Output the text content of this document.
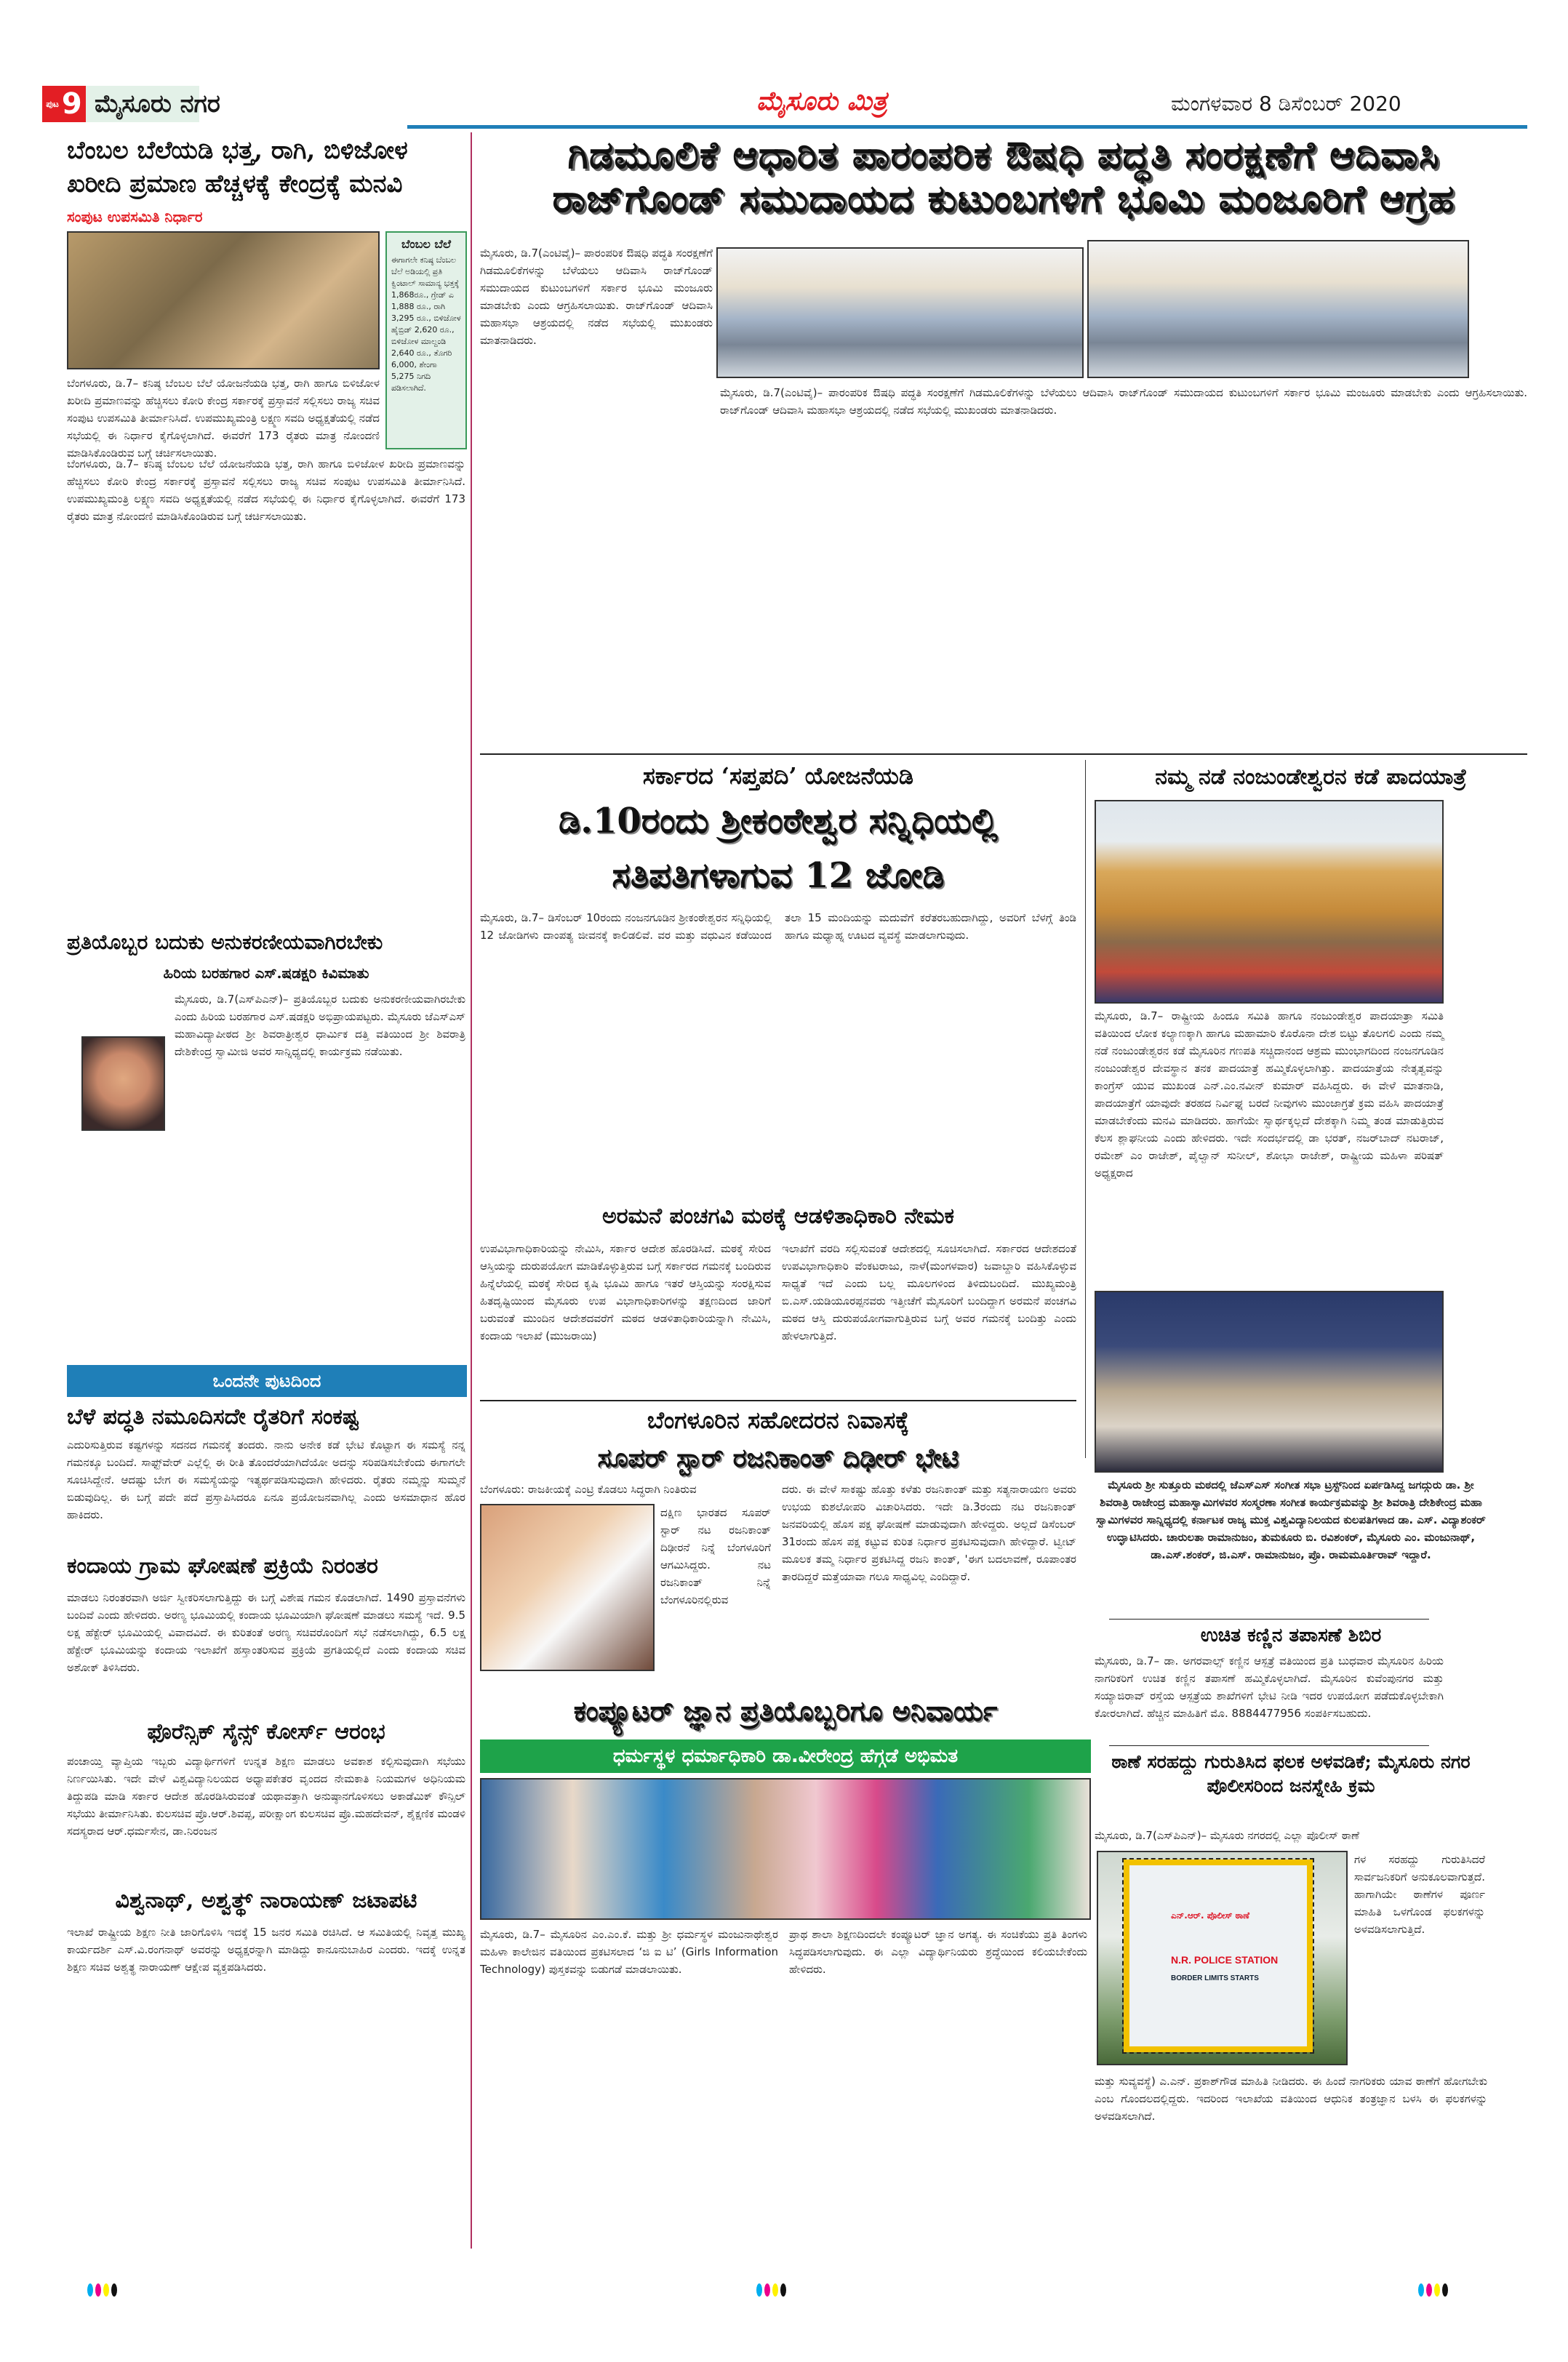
ಪುಟ 9 ಮೈಸೂರು ನಗರ	ಮೈಸೂರು ಮಿತ್ರ	ಮಂಗಳವಾರ 8 ಡಿಸೆಂಬರ್ 2020
ಬೆಂಬಲ ಬೆಲೆಯಡಿ ಭತ್ತ, ರಾಗಿ, ಬಿಳಿಜೋಳ ಖರೀದಿ ಪ್ರಮಾಣ ಹೆಚ್ಚಳಕ್ಕೆ ಕೇಂದ್ರಕ್ಕೆ ಮನವಿ
ಸಂಪುಟ ಉಪಸಮಿತಿ ನಿರ್ಧಾರ
ಬೆಂಬಲ ಬೆಲೆ
ಈಗಾಗಲೇ ಕನಿಷ್ಠ ಬೆಂಬಲ ಬೆಲೆ ಅಡಿಯಲ್ಲಿ ಪ್ರತಿ ಕ್ವಿಂಟಾಲ್ ಸಾಮಾನ್ಯ ಭತ್ತಕ್ಕೆ 1,868ರೂ., ಗ್ರೇಡ್ ಎ 1,888 ರೂ., ರಾಗಿ 3,295 ರೂ., ಬಿಳಿಜೋಳ ಹೈಬ್ರಿಡ್ 2,620 ರೂ., ಬಿಳಿಜೋಳ ಮಾಲ್ದಂಡಿ 2,640 ರೂ., ತೊಗರಿ 6,000, ಶೇಂಗಾ 5,275 ನಿಗದಿ ಪಡಿಸಲಾಗಿದೆ.
ಬೆಂಗಳೂರು, ಡಿ.7– ಕನಿಷ್ಠ ಬೆಂಬಲ ಬೆಲೆ ಯೋಜನೆಯಡಿ ಭತ್ತ, ರಾಗಿ ಹಾಗೂ ಬಿಳಿಜೋಳ ಖರೀದಿ ಪ್ರಮಾಣವನ್ನು ಹೆಚ್ಚಿಸಲು ಕೋರಿ ಕೇಂದ್ರ ಸರ್ಕಾರಕ್ಕೆ ಪ್ರಸ್ತಾವನೆ ಸಲ್ಲಿಸಲು ರಾಜ್ಯ ಸಚಿವ ಸಂಪುಟ ಉಪಸಮಿತಿ ತೀರ್ಮಾನಿಸಿದೆ. ಉಪಮುಖ್ಯಮಂತ್ರಿ ಲಕ್ಷ್ಮಣ ಸವದಿ ಅಧ್ಯಕ್ಷತೆಯಲ್ಲಿ ನಡೆದ ಸಭೆಯಲ್ಲಿ ಈ ನಿರ್ಧಾರ ಕೈಗೊಳ್ಳಲಾಗಿದೆ. ಈವರೆಗೆ 173 ರೈತರು ಮಾತ್ರ ನೋಂದಣಿ ಮಾಡಿಸಿಕೊಂಡಿರುವ ಬಗ್ಗೆ ಚರ್ಚಿಸಲಾಯಿತು.
ಬೆಂಗಳೂರು, ಡಿ.7– ಕನಿಷ್ಠ ಬೆಂಬಲ ಬೆಲೆ ಯೋಜನೆಯಡಿ ಭತ್ತ, ರಾಗಿ ಹಾಗೂ ಬಿಳಿಜೋಳ ಖರೀದಿ ಪ್ರಮಾಣವನ್ನು ಹೆಚ್ಚಿಸಲು ಕೋರಿ ಕೇಂದ್ರ ಸರ್ಕಾರಕ್ಕೆ ಪ್ರಸ್ತಾವನೆ ಸಲ್ಲಿಸಲು ರಾಜ್ಯ ಸಚಿವ ಸಂಪುಟ ಉಪಸಮಿತಿ ತೀರ್ಮಾನಿಸಿದೆ. ಉಪಮುಖ್ಯಮಂತ್ರಿ ಲಕ್ಷ್ಮಣ ಸವದಿ ಅಧ್ಯಕ್ಷತೆಯಲ್ಲಿ ನಡೆದ ಸಭೆಯಲ್ಲಿ ಈ ನಿರ್ಧಾರ ಕೈಗೊಳ್ಳಲಾಗಿದೆ. ಈವರೆಗೆ 173 ರೈತರು ಮಾತ್ರ ನೋಂದಣಿ ಮಾಡಿಸಿಕೊಂಡಿರುವ ಬಗ್ಗೆ ಚರ್ಚಿಸಲಾಯಿತು.
ಪ್ರತಿಯೊಬ್ಬರ ಬದುಕು ಅನುಕರಣೀಯವಾಗಿರಬೇಕು
ಹಿರಿಯ ಬರಹಗಾರ ಎಸ್.ಷಡಕ್ಷರಿ ಕಿವಿಮಾತು
ಮೈಸೂರು, ಡಿ.7(ಎಸ್‌ಪಿಎನ್)– ಪ್ರತಿಯೊಬ್ಬರ ಬದುಕು ಅನುಕರಣೀಯವಾಗಿರಬೇಕು ಎಂದು ಹಿರಿಯ ಬರಹಗಾರ ಎಸ್.ಷಡಕ್ಷರಿ ಅಭಿಪ್ರಾಯಪಟ್ಟರು. ಮೈಸೂರು ಜೆಎಸ್‌ಎಸ್ ಮಹಾವಿದ್ಯಾಪೀಠದ ಶ್ರೀ ಶಿವರಾತ್ರೀಶ್ವರ ಧಾರ್ಮಿಕ ದತ್ತಿ ವತಿಯಿಂದ ಶ್ರೀ ಶಿವರಾತ್ರಿ ದೇಶಿಕೇಂದ್ರ ಸ್ವಾಮೀಜಿ ಅವರ ಸಾನ್ನಿಧ್ಯದಲ್ಲಿ ಕಾರ್ಯಕ್ರಮ ನಡೆಯಿತು.
ಒಂದನೇ ಪುಟದಿಂದ
ಬೆಳೆ ಪದ್ಧತಿ ನಮೂದಿಸದೇ ರೈತರಿಗೆ ಸಂಕಷ್ಟ
ಎದುರಿಸುತ್ತಿರುವ ಕಷ್ಟಗಳನ್ನು ಸದನದ ಗಮನಕ್ಕೆ ತಂದರು. ನಾನು ಅನೇಕ ಕಡೆ ಭೇಟಿ ಕೊಟ್ಟಾಗ ಈ ಸಮಸ್ಯೆ ನನ್ನ ಗಮನಕ್ಕೂ ಬಂದಿದೆ. ಸಾಫ್ಟ್‌ವೇರ್ ಎಲ್ಲೆಲ್ಲಿ ಈ ರೀತಿ ತೊಂದರೆಯಾಗಿದೆಯೋ ಅದನ್ನು ಸರಿಪಡಿಸಬೇಕೆಂದು ಈಗಾಗಲೇ ಸೂಚಿಸಿದ್ದೇನೆ. ಆದಷ್ಟು ಬೇಗ ಈ ಸಮಸ್ಯೆಯನ್ನು ಇತ್ಯರ್ಥಪಡಿಸುವುದಾಗಿ ಹೇಳಿದರು. ರೈತರು ನಮ್ಮನ್ನು ಸುಮ್ಮನೆ ಬಿಡುವುದಿಲ್ಲ. ಈ ಬಗ್ಗೆ ಪದೇ ಪದೆ ಪ್ರಸ್ತಾಪಿಸಿದರೂ ಏನೂ ಪ್ರಯೋಜನವಾಗಿಲ್ಲ ಎಂದು ಅಸಮಾಧಾನ ಹೊರ ಹಾಕಿದರು.
ಕಂದಾಯ ಗ್ರಾಮ ಘೋಷಣೆ ಪ್ರಕ್ರಿಯೆ ನಿರಂತರ
ಮಾಡಲು ನಿರಂತರವಾಗಿ ಅರ್ಜಿ ಸ್ವೀಕರಿಸಲಾಗುತ್ತಿದ್ದು ಈ ಬಗ್ಗೆ ವಿಶೇಷ ಗಮನ ಕೊಡಲಾಗಿದೆ. 1490 ಪ್ರಸ್ತಾವನೆಗಳು ಬಂದಿವೆ ಎಂದು ಹೇಳಿದರು. ಅರಣ್ಯ ಭೂಮಿಯಲ್ಲಿ ಕಂದಾಯ ಭೂಮಿಯಾಗಿ ಘೋಷಣೆ ಮಾಡಲು ಸಮಸ್ಯೆ ಇದೆ. 9.5 ಲಕ್ಷ ಹೆಕ್ಟೇರ್ ಭೂಮಿಯಲ್ಲಿ ವಿವಾದವಿದೆ. ಈ ಕುರಿತಂತೆ ಅರಣ್ಯ ಸಚಿವರೊಂದಿಗೆ ಸಭೆ ನಡೆಸಲಾಗಿದ್ದು, 6.5 ಲಕ್ಷ ಹೆಕ್ಟೇರ್ ಭೂಮಿಯನ್ನು ಕಂದಾಯ ಇಲಾಖೆಗೆ ಹಸ್ತಾಂತರಿಸುವ ಪ್ರಕ್ರಿಯೆ ಪ್ರಗತಿಯಲ್ಲಿದೆ ಎಂದು ಕಂದಾಯ ಸಚಿವ ಅಶೋಕ್ ತಿಳಿಸಿದರು.
ಫೊರೆನ್ಸಿಕ್ ಸೈನ್ಸ್ ಕೋರ್ಸ್ ಆರಂಭ
ಪಂಚಾಯ್ತಿ ವ್ಯಾಪ್ತಿಯ ಇಬ್ಬರು ವಿದ್ಯಾರ್ಥಿಗಳಿಗೆ ಉನ್ನತ ಶಿಕ್ಷಣ ಮಾಡಲು ಅವಕಾಶ ಕಲ್ಪಿಸುವುದಾಗಿ ಸಭೆಯು ನಿರ್ಣಯಿಸಿತು. ಇದೇ ವೇಳೆ ವಿಶ್ವವಿದ್ಯಾನಿಲಯದ ಅಧ್ಯಾಪಕೇತರ ವೃಂದದ ನೇಮಕಾತಿ ನಿಯಮಗಳ ಅಧಿನಿಯಮ ತಿದ್ದುಪಡಿ ಮಾಡಿ ಸರ್ಕಾರ ಆದೇಶ ಹೊರಡಿಸಿರುವಂತೆ ಯಥಾವತ್ತಾಗಿ ಅನುಷ್ಠಾನಗೊಳಿಸಲು ಅಕಾಡೆಮಿಕ್ ಕೌನ್ಸಿಲ್ ಸಭೆಯು ತೀರ್ಮಾನಿಸಿತು. ಕುಲಸಚಿವ ಪ್ರೊ.ಆರ್.ಶಿವಪ್ಪ, ಪರೀಕ್ಷಾಂಗ ಕುಲಸಚಿವ ಪ್ರೊ.ಮಹದೇವನ್, ಶೈಕ್ಷಣಿಕ ಮಂಡಳಿ ಸದಸ್ಯರಾದ ಆರ್.ಧರ್ಮಸೇನ, ಡಾ.ನಿರಂಜನ
ವಿಶ್ವನಾಥ್, ಅಶ್ವತ್ಥ್ ನಾರಾಯಣ್ ಜಟಾಪಟಿ
ಇಲಾಖೆ ರಾಷ್ಟ್ರೀಯ ಶಿಕ್ಷಣ ನೀತಿ ಜಾರಿಗೊಳಿಸಿ ಇದಕ್ಕೆ 15 ಜನರ ಸಮಿತಿ ರಚಿಸಿದೆ. ಆ ಸಮಿತಿಯಲ್ಲಿ ನಿವೃತ್ತ ಮುಖ್ಯ ಕಾರ್ಯದರ್ಶಿ ಎಸ್.ವಿ.ರಂಗನಾಥ್ ಅವರನ್ನು ಅಧ್ಯಕ್ಷರನ್ನಾಗಿ ಮಾಡಿದ್ದು ಕಾನೂನುಬಾಹಿರ ಎಂದರು. ಇದಕ್ಕೆ ಉನ್ನತ ಶಿಕ್ಷಣ ಸಚಿವ ಅಶ್ವತ್ಥ ನಾರಾಯಣ್ ಆಕ್ಷೇಪ ವ್ಯಕ್ತಪಡಿಸಿದರು.
ಗಿಡಮೂಲಿಕೆ ಆಧಾರಿತ ಪಾರಂಪರಿಕ ಔಷಧಿ ಪದ್ಧತಿ ಸಂರಕ್ಷಣೆಗೆ ಆದಿವಾಸಿ ರಾಜ್‌ಗೊಂಡ್ ಸಮುದಾಯದ ಕುಟುಂಬಗಳಿಗೆ ಭೂಮಿ ಮಂಜೂರಿಗೆ ಆಗ್ರಹ
ಮೈಸೂರು, ಡಿ.7(ಎಂಟಿವೈ)– ಪಾರಂಪರಿಕ ಔಷಧಿ ಪದ್ಧತಿ ಸಂರಕ್ಷಣೆಗೆ ಗಿಡಮೂಲಿಕೆಗಳನ್ನು ಬೆಳೆಯಲು ಆದಿವಾಸಿ ರಾಜ್‌ಗೊಂಡ್ ಸಮುದಾಯದ ಕುಟುಂಬಗಳಿಗೆ ಸರ್ಕಾರ ಭೂಮಿ ಮಂಜೂರು ಮಾಡಬೇಕು ಎಂದು ಆಗ್ರಹಿಸಲಾಯಿತು. ರಾಜ್‌ಗೊಂಡ್ ಆದಿವಾಸಿ ಮಹಾಸಭಾ ಆಶ್ರಯದಲ್ಲಿ ನಡೆದ ಸಭೆಯಲ್ಲಿ ಮುಖಂಡರು ಮಾತನಾಡಿದರು.
ಮೈಸೂರು, ಡಿ.7(ಎಂಟಿವೈ)– ಪಾರಂಪರಿಕ ಔಷಧಿ ಪದ್ಧತಿ ಸಂರಕ್ಷಣೆಗೆ ಗಿಡಮೂಲಿಕೆಗಳನ್ನು ಬೆಳೆಯಲು ಆದಿವಾಸಿ ರಾಜ್‌ಗೊಂಡ್ ಸಮುದಾಯದ ಕುಟುಂಬಗಳಿಗೆ ಸರ್ಕಾರ ಭೂಮಿ ಮಂಜೂರು ಮಾಡಬೇಕು ಎಂದು ಆಗ್ರಹಿಸಲಾಯಿತು. ರಾಜ್‌ಗೊಂಡ್ ಆದಿವಾಸಿ ಮಹಾಸಭಾ ಆಶ್ರಯದಲ್ಲಿ ನಡೆದ ಸಭೆಯಲ್ಲಿ ಮುಖಂಡರು ಮಾತನಾಡಿದರು.
ಸರ್ಕಾರದ ‘ಸಪ್ತಪದಿ’ ಯೋಜನೆಯಡಿ
ಡಿ.10ರಂದು ಶ್ರೀಕಂಠೇಶ್ವರ ಸನ್ನಿಧಿಯಲ್ಲಿ ಸತಿಪತಿಗಳಾಗುವ 12 ಜೋಡಿ
ಮೈಸೂರು, ಡಿ.7– ಡಿಸೆಂಬರ್ 10ರಂದು ನಂಜನಗೂಡಿನ ಶ್ರೀಕಂಠೇಶ್ವರನ ಸನ್ನಿಧಿಯಲ್ಲಿ 12 ಜೋಡಿಗಳು ದಾಂಪತ್ಯ ಜೀವನಕ್ಕೆ ಕಾಲಿಡಲಿವೆ. ವರ ಮತ್ತು ವಧುವಿನ ಕಡೆಯಿಂದ ತಲಾ 15 ಮಂದಿಯನ್ನು ಮದುವೆಗೆ ಕರೆತರಬಹುದಾಗಿದ್ದು, ಅವರಿಗೆ ಬೆಳಗ್ಗೆ ತಿಂಡಿ ಹಾಗೂ ಮಧ್ಯಾಹ್ನ ಊಟದ ವ್ಯವಸ್ಥೆ ಮಾಡಲಾಗುವುದು.
ನಮ್ಮ ನಡೆ ನಂಜುಂಡೇಶ್ವರನ ಕಡೆ ಪಾದಯಾತ್ರೆ
ಮೈಸೂರು, ಡಿ.7– ರಾಷ್ಟ್ರೀಯ ಹಿಂದೂ ಸಮಿತಿ ಹಾಗೂ ನಂಜುಂಡೇಶ್ವರ ಪಾದಯಾತ್ರಾ ಸಮಿತಿ ವತಿಯಿಂದ ಲೋಕ ಕಲ್ಯಾಣಕ್ಕಾಗಿ ಹಾಗೂ ಮಹಾಮಾರಿ ಕೊರೊನಾ ದೇಶ ಬಿಟ್ಟು ತೊಲಗಲಿ ಎಂದು ನಮ್ಮ ನಡೆ ನಂಜುಂಡೇಶ್ವರನ ಕಡೆ ಮೈಸೂರಿನ ಗಣಪತಿ ಸಚ್ಚಿದಾನಂದ ಆಶ್ರಮ ಮುಂಭಾಗದಿಂದ ನಂಜನಗೂಡಿನ ನಂಜುಂಡೇಶ್ವರ ದೇವಸ್ಥಾನ ತನಕ ಪಾದಯಾತ್ರೆ ಹಮ್ಮಿಕೊಳ್ಳಲಾಗಿತ್ತು. ಪಾದಯಾತ್ರೆಯ ನೇತೃತ್ವವನ್ನು ಕಾಂಗ್ರೆಸ್ ಯುವ ಮುಖಂಡ ಎನ್.ಎಂ.ನವೀನ್ ಕುಮಾರ್ ವಹಿಸಿದ್ದರು. ಈ ವೇಳೆ ಮಾತನಾಡಿ, ಪಾದಯಾತ್ರೆಗೆ ಯಾವುದೇ ತರಹದ ನಿರ್ವಿಘ್ನ ಬರದೆ ನೀವುಗಳು ಮುಂಜಾಗ್ರತೆ ಕ್ರಮ ವಹಿಸಿ ಪಾದಯಾತ್ರೆ ಮಾಡಬೇಕೆಂದು ಮನವಿ ಮಾಡಿದರು. ಹಾಗೆಯೇ ಸ್ವಾರ್ಥಕ್ಕಲ್ಲದೆ ದೇಶಕ್ಕಾಗಿ ನಿಮ್ಮ ತಂಡ ಮಾಡುತ್ತಿರುವ ಕೆಲಸ ಶ್ಲಾಘನೀಯ ಎಂದು ಹೇಳಿದರು. ಇದೇ ಸಂದರ್ಭದಲ್ಲಿ ಡಾ ಭರತ್, ನಜರ್‌ಬಾದ್ ನಟರಾಜ್, ರಮೇಶ್ ಎಂ ರಾಜೇಶ್, ಪೈಲ್ವಾನ್ ಸುನೀಲ್, ಶೋಭಾ ರಾಜೇಶ್, ರಾಷ್ಟ್ರೀಯ ಮಹಿಳಾ ಪರಿಷತ್ ಅಧ್ಯಕ್ಷರಾದ
ಅರಮನೆ ಪಂಚಗವಿ ಮಠಕ್ಕೆ ಆಡಳಿತಾಧಿಕಾರಿ ನೇಮಕ
ಉಪವಿಭಾಗಾಧಿಕಾರಿಯನ್ನು ನೇಮಿಸಿ, ಸರ್ಕಾರ ಆದೇಶ ಹೊರಡಿಸಿದೆ. ಮಠಕ್ಕೆ ಸೇರಿದ ಆಸ್ತಿಯನ್ನು ದುರುಪಯೋಗ ಮಾಡಿಕೊಳ್ಳುತ್ತಿರುವ ಬಗ್ಗೆ ಸರ್ಕಾರದ ಗಮನಕ್ಕೆ ಬಂದಿರುವ ಹಿನ್ನೆಲೆಯಲ್ಲಿ ಮಠಕ್ಕೆ ಸೇರಿದ ಕೃಷಿ ಭೂಮಿ ಹಾಗೂ ಇತರೆ ಆಸ್ತಿಯನ್ನು ಸಂರಕ್ಷಿಸುವ ಹಿತದೃಷ್ಟಿಯಿಂದ ಮೈಸೂರು ಉಪ ವಿಭಾಗಾಧಿಕಾರಿಗಳನ್ನು ತಕ್ಷಣದಿಂದ ಜಾರಿಗೆ ಬರುವಂತೆ ಮುಂದಿನ ಆದೇಶದವರೆಗೆ ಮಠದ ಆಡಳಿತಾಧಿಕಾರಿಯನ್ನಾಗಿ ನೇಮಿಸಿ, ಕಂದಾಯ ಇಲಾಖೆ (ಮುಜರಾಯಿ)
ಇಲಾಖೆಗೆ ವರದಿ ಸಲ್ಲಿಸುವಂತೆ ಆದೇಶದಲ್ಲಿ ಸೂಚಿಸಲಾಗಿದೆ. ಸರ್ಕಾರದ ಆದೇಶದಂತೆ ಉಪವಿಭಾಗಾಧಿಕಾರಿ ವೆಂಕಟರಾಜು, ನಾಳೆ(ಮಂಗಳವಾರ) ಜವಾಬ್ದಾರಿ ವಹಿಸಿಕೊಳ್ಳುವ ಸಾಧ್ಯತೆ ಇದೆ ಎಂದು ಬಲ್ಲ ಮೂಲಗಳಿಂದ ತಿಳಿದುಬಂದಿದೆ. ಮುಖ್ಯಮಂತ್ರಿ ಬಿ.ಎಸ್.ಯಡಿಯೂರಪ್ಪನವರು ಇತ್ತೀಚೆಗೆ ಮೈಸೂರಿಗೆ ಬಂದಿದ್ದಾಗ ಅರಮನೆ ಪಂಚಗವಿ ಮಠದ ಆಸ್ತಿ ದುರುಪಯೋಗವಾಗುತ್ತಿರುವ ಬಗ್ಗೆ ಅವರ ಗಮನಕ್ಕೆ ಬಂದಿತ್ತು ಎಂದು ಹೇಳಲಾಗುತ್ತಿದೆ.
ಬೆಂಗಳೂರಿನ ಸಹೋದರನ ನಿವಾಸಕ್ಕೆ
ಸೂಪರ್ ಸ್ಟಾರ್ ರಜನಿಕಾಂತ್ ದಿಢೀರ್ ಭೇಟಿ
ಬೆಂಗಳೂರು: ರಾಜಕೀಯಕ್ಕೆ ಎಂಟ್ರಿ ಕೊಡಲು ಸಿದ್ಧರಾಗಿ ನಿಂತಿರುವ
ದಕ್ಷಿಣ ಭಾರತದ ಸೂಪರ್ ಸ್ಟಾರ್ ನಟ ರಜನಿಕಾಂತ್ ದಿಢೀರನೆ ನಿನ್ನೆ ಬೆಂಗಳೂರಿಗೆ ಆಗಮಿಸಿದ್ದರು. ನಟ ರಜನಿಕಾಂತ್ ನಿನ್ನೆ ಬೆಂಗಳೂರಿನಲ್ಲಿರುವ
ದರು. ಈ ವೇಳೆ ಸಾಕಷ್ಟು ಹೊತ್ತು ಕಳೆತು ರಜನಿಕಾಂತ್ ಮತ್ತು ಸತ್ಯನಾರಾಯಣ ಅವರು ಉಭಯ ಕುಶಲೋಪರಿ ವಿಚಾರಿಸಿದರು. ಇದೇ ಡಿ.3ರಂದು ನಟ ರಜನಿಕಾಂತ್ ಜನವರಿಯಲ್ಲಿ ಹೊಸ ಪಕ್ಷ ಘೋಷಣೆ ಮಾಡುವುದಾಗಿ ಹೇಳಿದ್ದರು. ಅಲ್ಲದೆ ಡಿಸೆಂಬರ್ 31ರಂದು ಹೊಸ ಪಕ್ಷ ಕಟ್ಟುವ ಕುರಿತ ನಿರ್ಧಾರ ಪ್ರಕಟಿಸುವುದಾಗಿ ಹೇಳಿದ್ದಾರೆ. ಟ್ವೀಟ್ ಮೂಲಕ ತಮ್ಮ ನಿರ್ಧಾರ ಪ್ರಕಟಿಸಿದ್ದ ರಜನಿ ಕಾಂತ್, 'ಈಗ ಬದಲಾವಣೆ, ರೂಪಾಂತರ ತಾರದಿದ್ದರೆ ಮತ್ತೆಯಾವಾ ಗಲೂ ಸಾಧ್ಯವಿಲ್ಲ ಎಂದಿದ್ದಾರೆ.
ಕಂಪ್ಯೂಟರ್ ಜ್ಞಾನ ಪ್ರತಿಯೊಬ್ಬರಿಗೂ ಅನಿವಾರ್ಯ
ಧರ್ಮಸ್ಥಳ ಧರ್ಮಾಧಿಕಾರಿ ಡಾ.ವೀರೇಂದ್ರ ಹೆಗ್ಗಡೆ ಅಭಿಮತ
ಮೈಸೂರು, ಡಿ.7– ಮೈಸೂರಿನ ಎಂ.ಎಂ.ಕೆ. ಮತ್ತು ಶ್ರೀ ಧರ್ಮಸ್ಥಳ ಮಂಜುನಾಥೇಶ್ವರ ಮಹಿಳಾ ಕಾಲೇಜಿನ ವತಿಯಿಂದ ಪ್ರಕಟಿಸಲಾದ ‘ಜಿ ಐ ಟಿ’ (Girls Information Technology) ಪುಸ್ತಕವನ್ನು ಬಿಡುಗಡೆ ಮಾಡಲಾಯಿತು.
ಪ್ರಾಥ ಶಾಲಾ ಶಿಕ್ಷಣದಿಂದಲೇ ಕಂಪ್ಯೂಟರ್ ಜ್ಞಾನ ಅಗತ್ಯ. ಈ ಸಂಚಿಕೆಯು ಪ್ರತಿ ತಿಂಗಳು ಸಿದ್ಧಪಡಿಸಲಾಗುವುದು. ಈ ಎಲ್ಲಾ ವಿದ್ಯಾರ್ಥಿನಿಯರು ಶ್ರದ್ಧೆಯಿಂದ ಕಲಿಯಬೇಕೆಂದು ಹೇಳಿದರು.
ಮೈಸೂರು ಶ್ರೀ ಸುತ್ತೂರು ಮಠದಲ್ಲಿ ಜೆಎಸ್‌ಎಸ್ ಸಂಗೀತ ಸಭಾ ಟ್ರಸ್ಟ್‌ನಿಂದ ಏರ್ಪಡಿಸಿದ್ದ ಜಗದ್ಗುರು ಡಾ. ಶ್ರೀ ಶಿವರಾತ್ರಿ ರಾಜೇಂದ್ರ ಮಹಾಸ್ವಾಮಿಗಳವರ ಸಂಸ್ಮರಣಾ ಸಂಗೀತ ಕಾರ್ಯಕ್ರಮವನ್ನು ಶ್ರೀ ಶಿವರಾತ್ರಿ ದೇಶಿಕೇಂದ್ರ ಮಹಾ ಸ್ವಾಮಿಗಳವರ ಸಾನ್ನಿಧ್ಯದಲ್ಲಿ ಕರ್ನಾಟಕ ರಾಜ್ಯ ಮುಕ್ತ ವಿಶ್ವವಿದ್ಯಾನಿಲಯದ ಕುಲಪತಿಗಳಾದ ಡಾ. ಎಸ್. ವಿದ್ಯಾಶಂಕರ್ ಉದ್ಘಾಟಿಸಿದರು. ಚಾರುಲತಾ ರಾಮಾನುಜಂ, ತುಮಕೂರು ಬಿ. ರವಿಶಂಕರ್, ಮೈಸೂರು ಎಂ. ಮಂಜುನಾಥ್, ಡಾ.ಎಸ್.ಶಂಕರ್, ಜಿ.ಎಸ್. ರಾಮಾನುಜಂ, ಪ್ರೊ. ರಾಮಮೂರ್ತಿರಾವ್ ಇದ್ದಾರೆ.
ಉಚಿತ ಕಣ್ಣಿನ ತಪಾಸಣೆ ಶಿಬಿರ
ಮೈಸೂರು, ಡಿ.7– ಡಾ. ಅಗರವಾಲ್ಸ್ ಕಣ್ಣಿನ ಆಸ್ಪತ್ರೆ ವತಿಯಿಂದ ಪ್ರತಿ ಬುಧವಾರ ಮೈಸೂರಿನ ಹಿರಿಯ ನಾಗರಿಕರಿಗೆ ಉಚಿತ ಕಣ್ಣಿನ ತಪಾಸಣೆ ಹಮ್ಮಿಕೊಳ್ಳಲಾಗಿದೆ. ಮೈಸೂರಿನ ಕುವೆಂಪುನಗರ ಮತ್ತು ಸಯ್ಯಾಜಿರಾವ್ ರಸ್ತೆಯ ಆಸ್ಪತ್ರೆಯ ಶಾಖೆಗಳಿಗೆ ಭೇಟಿ ನೀಡಿ ಇದರ ಉಪಯೋಗ ಪಡೆದುಕೊಳ್ಳಬೇಕಾಗಿ ಕೋರಲಾಗಿದೆ. ಹೆಚ್ಚಿನ ಮಾಹಿತಿಗೆ ಮೊ. 8884477956 ಸಂಪರ್ಕಿಸಬಹುದು.
ಠಾಣೆ ಸರಹದ್ದು ಗುರುತಿಸಿದ ಫಲಕ ಅಳವಡಿಕೆ; ಮೈಸೂರು ನಗರ ಪೊಲೀಸರಿಂದ ಜನಸ್ನೇಹಿ ಕ್ರಮ
ಮೈಸೂರು, ಡಿ.7(ಎಸ್‌ಪಿಎನ್)– ಮೈಸೂರು ನಗರದಲ್ಲಿ ಎಲ್ಲಾ ಪೊಲೀಸ್ ಠಾಣೆ
ಎನ್.ಆರ್. ಪೊಲೀಸ್ ಠಾಣೆ
N.R. POLICE STATION
BORDER LIMITS STARTS
ಗಳ ಸರಹದ್ದು ಗುರುತಿಸಿದರೆ ಸಾರ್ವಜನಿಕರಿಗೆ ಅನುಕೂಲವಾಗುತ್ತದೆ. ಹಾಗಾಗಿಯೇ ಠಾಣೆಗಳ ಪೂರ್ಣ ಮಾಹಿತಿ ಒಳಗೊಂಡ ಫಲಕಗಳನ್ನು ಅಳವಡಿಸಲಾಗುತ್ತಿದೆ.
ಮತ್ತು ಸುವ್ಯವಸ್ಥೆ) ಎ.ಎನ್. ಪ್ರಕಾಶ್‌ಗೌಡ ಮಾಹಿತಿ ನೀಡಿದರು. ಈ ಹಿಂದೆ ನಾಗರಿಕರು ಯಾವ ಠಾಣೆಗೆ ಹೋಗಬೇಕು ಎಂಬ ಗೊಂದಲದಲ್ಲಿದ್ದರು. ಇದರಿಂದ ಇಲಾಖೆಯ ವತಿಯಿಂದ ಆಧುನಿಕ ತಂತ್ರಜ್ಞಾನ ಬಳಸಿ ಈ ಫಲಕಗಳನ್ನು ಅಳವಡಿಸಲಾಗಿದೆ.
